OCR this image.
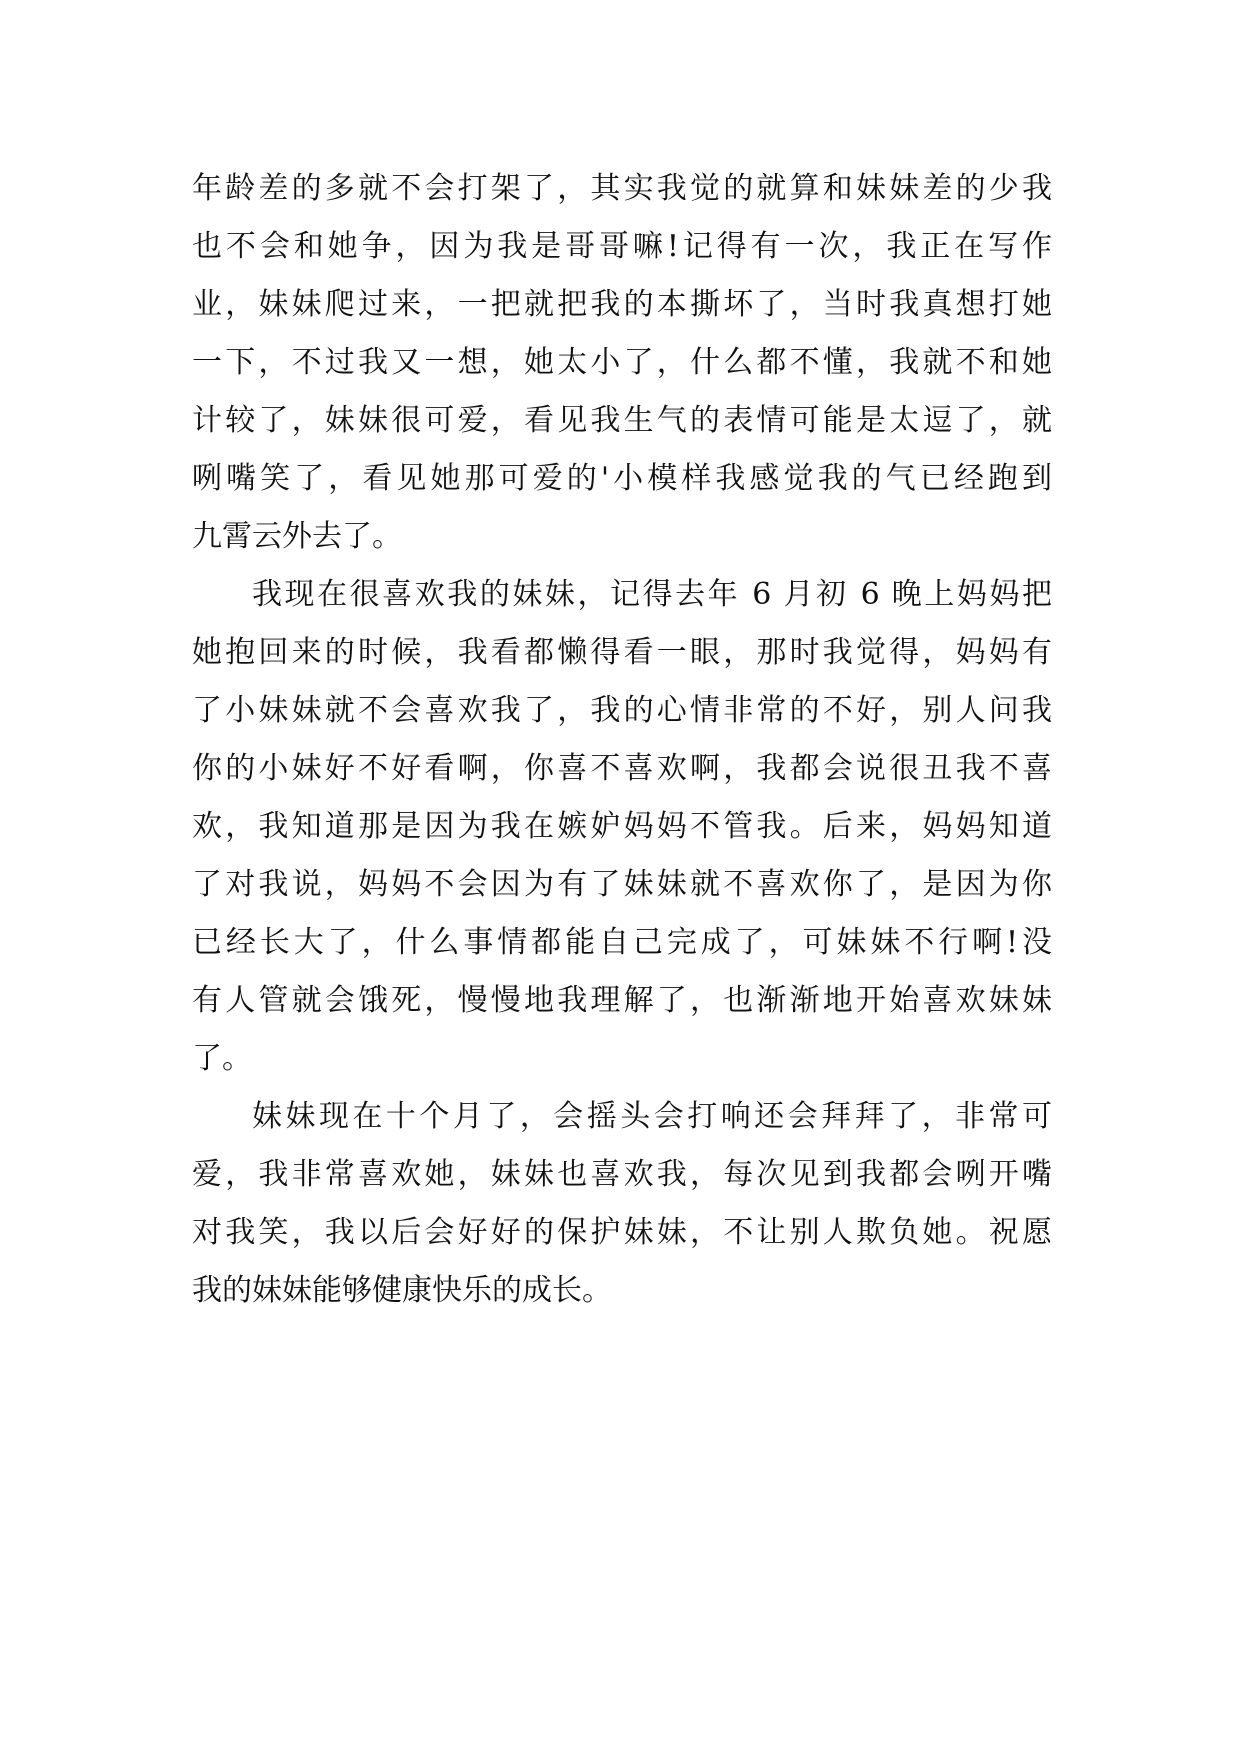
年龄差的多就不会打架了，其实我觉的就算和妹妹差的少我
也不会和她争，因为我是哥哥嘛!记得有一次，我正在写作
业，妹妹爬过来，一把就把我的本撕坏了，当时我真想打她
一下，不过我又一想，她太小了，什么都不懂，我就不和她
计较了，妹妹很可爱，看见我生气的表情可能是太逗了，就
咧嘴笑了，看见她那可爱的'小模样我感觉我的气已经跑到
九霄云外去了。
我现在很喜欢我的妹妹，记得去年 6 月初 6 晚上妈妈把
她抱回来的时候，我看都懒得看一眼，那时我觉得，妈妈有
了小妹妹就不会喜欢我了，我的心情非常的不好，别人问我
你的小妹好不好看啊，你喜不喜欢啊，我都会说很丑我不喜
欢，我知道那是因为我在嫉妒妈妈不管我。后来，妈妈知道
了对我说，妈妈不会因为有了妹妹就不喜欢你了，是因为你
已经长大了，什么事情都能自己完成了，可妹妹不行啊!没
有人管就会饿死，慢慢地我理解了，也渐渐地开始喜欢妹妹
了。
妹妹现在十个月了，会摇头会打响还会拜拜了，非常可
爱，我非常喜欢她，妹妹也喜欢我，每次见到我都会咧开嘴
对我笑，我以后会好好的保护妹妹，不让别人欺负她。祝愿
我的妹妹能够健康快乐的成长。
